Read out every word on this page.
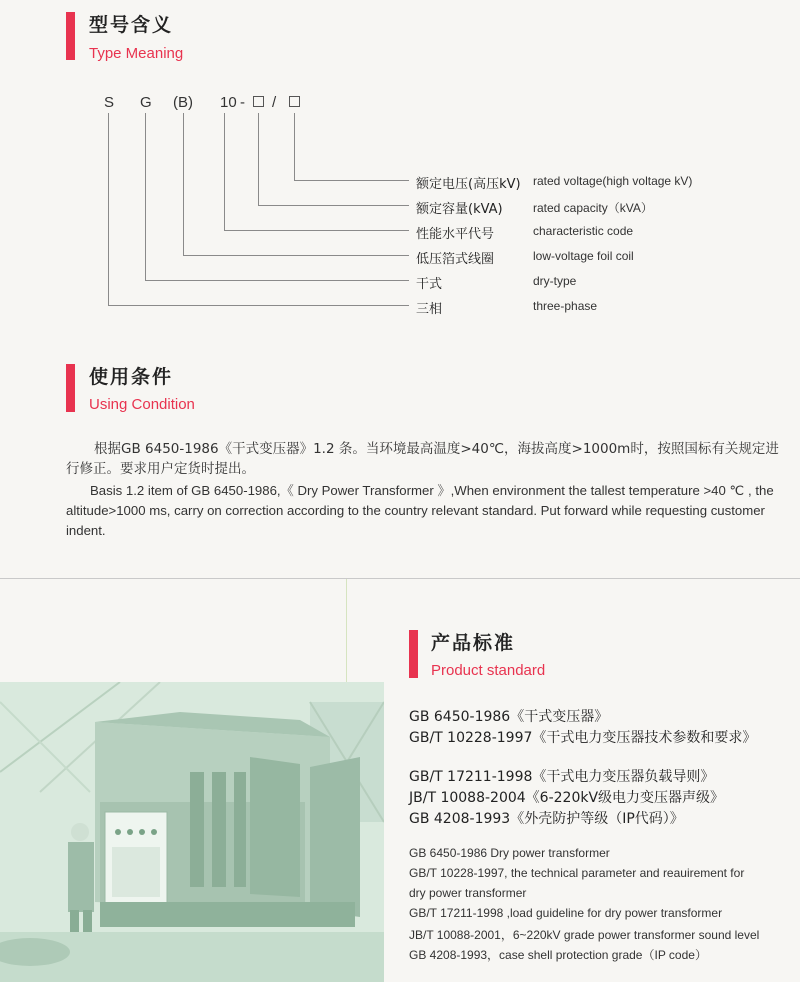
型号含义
Type Meaning
S G (B) 10 - /
额定电压(高压kV) rated voltage(high voltage kV)
额定容量(kVA)	rated capacity（kVA）
性能水平代号	characteristic code
低压箔式线圈	low-voltage foil coil
干式	dry-type
三相	three-phase
使用条件
Using Condition
根据GB 6450-1986《干式变压器》1.2 条。当环境最高温度>40℃，海拔高度>1000m时，按照国标有关规定进行修正。要求用户定货时提出。
Basis 1.2 item of GB 6450-1986,《 Dry Power Transformer 》,When environment the tallest temperature >40 ℃ , the altitude>1000 ms, carry on correction according to the country relevant standard. Put forward while requesting customer indent.
产品标准
Product standard
GB 6450-1986《干式变压器》
GB/T 10228-1997《干式电力变压器技术参数和要求》
GB/T 17211-1998《干式电力变压器负载导则》
JB/T 10088-2004《6-220kV级电力变压器声级》
GB 4208-1993《外壳防护等级（IP代码）》
GB 6450-1986 Dry power transformer
GB/T 10228-1997, the technical parameter and reauirement for
dry power transformer
GB/T 17211-1998 ,load guideline for dry power transformer
JB/T 10088-2001，6~220kV grade power transformer sound level
GB 4208-1993，case shell protection grade（IP code）
